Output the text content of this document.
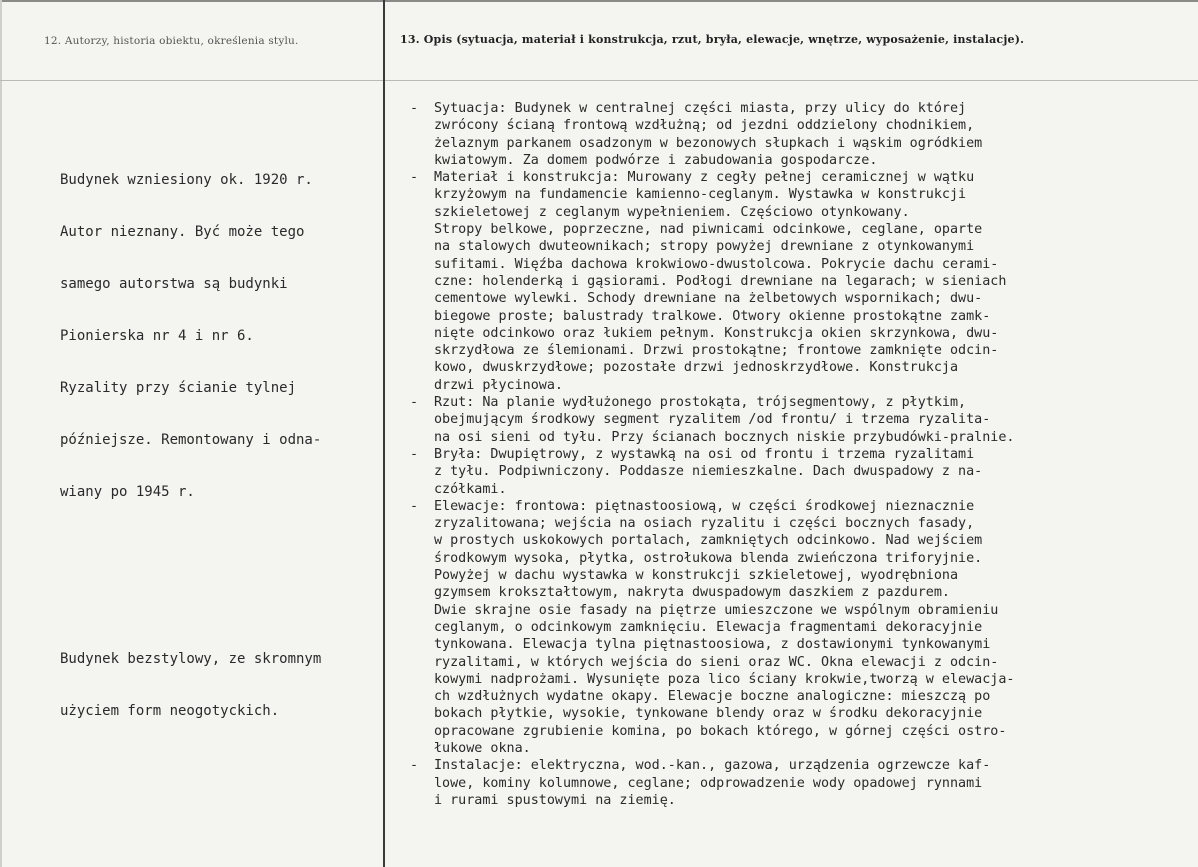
12. Autorzy, historia obiektu, określenia stylu.	13. Opis (sytuacja, materiał i konstrukcja, rzut, bryła, elewacje, wnętrze, wyposażenie, instalacje).

Budynek wzniesiony ok. 1920 r.

Autor nieznany. Być może tego

samego autorstwa są budynki

Pionierska nr 4 i nr 6.

Ryzality przy ścianie tylnej

późniejsze. Remontowany i odna-

wiany po 1945 r.

Budynek bezstylowy, ze skromnym

użyciem form neogotyckich.

- Sytuacja: Budynek w centralnej części miasta, przy ulicy do której
zwrócony ścianą frontową wzdłużną; od jezdni oddzielony chodnikiem,
żelaznym parkanem osadzonym w bezonowych słupkach i wąskim ogródkiem
kwiatowym. Za domem podwórze i zabudowania gospodarcze.
- Materiał i konstrukcja: Murowany z cegły pełnej ceramicznej w wątku
krzyżowym na fundamencie kamienno-ceglanym. Wystawka w konstrukcji
szkieletowej z ceglanym wypełnieniem. Częściowo otynkowany.
Stropy belkowe, poprzeczne, nad piwnicami odcinkowe, ceglane, oparte
na stalowych dwuteownikach; stropy powyżej drewniane z otynkowanymi
sufitami. Więźba dachowa krokwiowo-dwustolcowa. Pokrycie dachu cerami-
czne: holenderką i gąsiorami. Podłogi drewniane na legarach; w sieniach
cementowe wylewki. Schody drewniane na żelbetowych wspornikach; dwu-
biegowe proste; balustrady tralkowe. Otwory okienne prostokątne zamk-
nięte odcinkowo oraz łukiem pełnym. Konstrukcja okien skrzynkowa, dwu-
skrzydłowa ze ślemionami. Drzwi prostokątne; frontowe zamknięte odcin-
kowo, dwuskrzydłowe; pozostałe drzwi jednoskrzydłowe. Konstrukcja
drzwi płycinowa.
- Rzut: Na planie wydłużonego prostokąta, trójsegmentowy, z płytkim,
obejmującym środkowy segment ryzalitem /od frontu/ i trzema ryzalita-
na osi sieni od tyłu. Przy ścianach bocznych niskie przybudówki-pralnie.
- Bryła: Dwupiętrowy, z wystawką na osi od frontu i trzema ryzalitami
z tyłu. Podpiwniczony. Poddasze niemieszkalne. Dach dwuspadowy z na-
czółkami.
- Elewacje: frontowa: piętnastoosiową, w części środkowej nieznacznie
zryzalitowana; wejścia na osiach ryzalitu i części bocznych fasady,
w prostych uskokowych portalach, zamkniętych odcinkowo. Nad wejściem
środkowym wysoka, płytka, ostrołukowa blenda zwieńczona triforyjnie.
Powyżej w dachu wystawka w konstrukcji szkieletowej, wyodrębniona
gzymsem krokształtowym, nakryta dwuspadowym daszkiem z pazdurem.
Dwie skrajne osie fasady na piętrze umieszczone we wspólnym obramieniu
ceglanym, o odcinkowym zamknięciu. Elewacja fragmentami dekoracyjnie
tynkowana. Elewacja tylna piętnastoosiowa, z dostawionymi tynkowanymi
ryzalitami, w których wejścia do sieni oraz WC. Okna elewacji z odcin-
kowymi nadprożami. Wysunięte poza lico ściany krokwie,tworzą w elewacja-
ch wzdłużnych wydatne okapy. Elewacje boczne analogiczne: mieszczą po
bokach płytkie, wysokie, tynkowane blendy oraz w środku dekoracyjnie
opracowane zgrubienie komina, po bokach którego, w górnej części ostro-
łukowe okna.
- Instalacje: elektryczna, wod.-kan., gazowa, urządzenia ogrzewcze kaf-
lowe, kominy kolumnowe, ceglane; odprowadzenie wody opadowej rynnami
i rurami spustowymi na ziemię.
